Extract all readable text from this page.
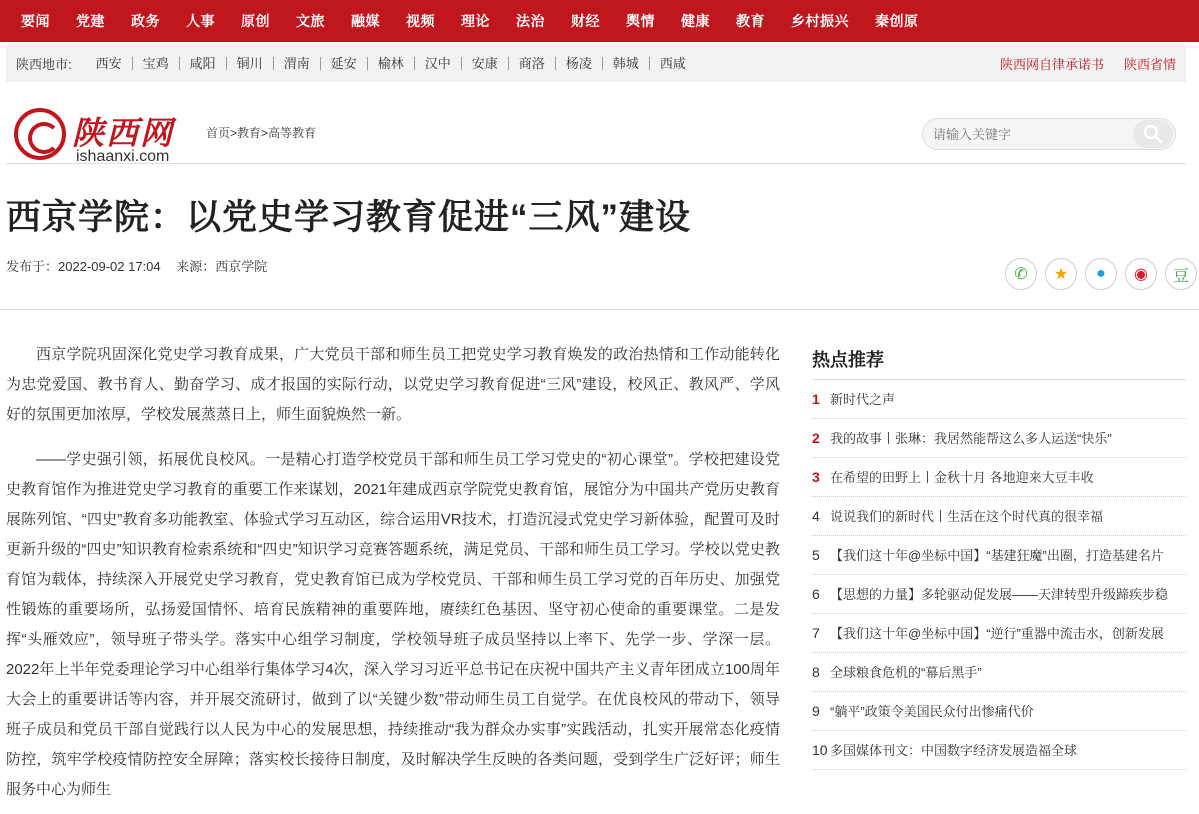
要闻	党建	政务	人事	原创	文旅	融媒	视频	理论	法治	财经	舆情	健康	教育	乡村振兴	秦创原
陕西地市:	西安	宝鸡	咸阳	铜川	渭南	延安	榆林	汉中	安康	商洛	杨凌	韩城	西咸	陕西网自律承诺书	陕西省情
陕西网
ishaanxi.com
首页>教育>高等教育
请输入关键字
西京学院：以党史学习教育促进“三风”建设
发布于：2022-09-02 17:04 来源：西京学院	✆	★	●	◉	豆

西京学院巩固深化党史学习教育成果，广大党员干部和师生员工把党史学习教育焕发的政治热情和工作动能转化为忠党爱国、教书育人、勤奋学习、成才报国的实际行动，以党史学习教育促进“三风”建设，校风正、教风严、学风好的氛围更加浓厚，学校发展蒸蒸日上，师生面貌焕然一新。

——学史强引领，拓展优良校风。一是精心打造学校党员干部和师生员工学习党史的“初心课堂”。学校把建设党史教育馆作为推进党史学习教育的重要工作来谋划，2021年建成西京学院党史教育馆，展馆分为中国共产党历史教育展陈列馆、“四史”教育多功能教室、体验式学习互动区，综合运用VR技术，打造沉浸式党史学习新体验，配置可及时更新升级的“四史”知识教育检索系统和“四史”知识学习竞赛答题系统，满足党员、干部和师生员工学习。学校以党史教育馆为载体，持续深入开展党史学习教育，党史教育馆已成为学校党员、干部和师生员工学习党的百年历史、加强党性锻炼的重要场所，弘扬爱国情怀、培育民族精神的重要阵地，赓续红色基因、坚守初心使命的重要课堂。二是发挥“头雁效应”，领导班子带头学。落实中心组学习制度，学校领导班子成员坚持以上率下、先学一步、学深一层。2022年上半年党委理论学习中心组举行集体学习4次，深入学习习近平总书记在庆祝中国共产主义青年团成立100周年大会上的重要讲话等内容，并开展交流研讨，做到了以“关键少数”带动师生员工自觉学。在优良校风的带动下，领导班子成员和党员干部自觉践行以人民为中心的发展思想，持续推动“我为群众办实事”实践活动，扎实开展常态化疫情防控，筑牢学校疫情防控安全屏障；落实校长接待日制度，及时解决学生反映的各类问题，受到学生广泛好评；师生服务中心为师生

热点推荐
1 新时代之声
2 我的故事丨张琳：我居然能帮这么多人运送“快乐”
3 在希望的田野上丨金秋十月 各地迎来大豆丰收
4 说说我们的新时代丨生活在这个时代真的很幸福
5 【我们这十年@坐标中国】“基建狂魔”出圈，打造基建名片
6 【思想的力量】多轮驱动促发展——天津转型升级蹄疾步稳
7 【我们这十年@坐标中国】“逆行”重器中流击水，创新发展
8 全球粮食危机的“幕后黑手”
9 “躺平”政策令美国民众付出惨痛代价
10 多国媒体刊文：中国数字经济发展造福全球
